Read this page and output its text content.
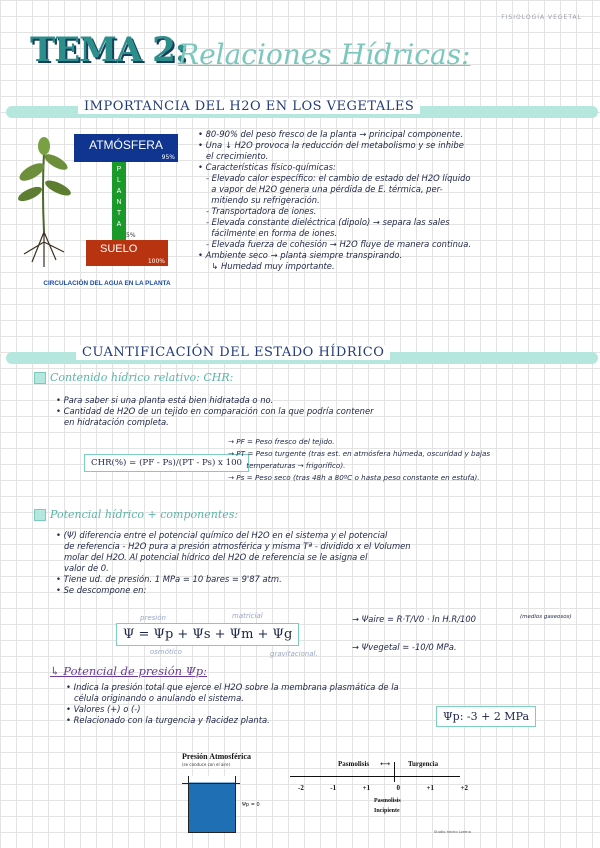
FISIOLOGÍA VEGETAL
TEMA 2:
Relaciones Hídricas:
IMPORTANCIA DEL H2O EN LOS VEGETALES
ATMÓSFERA
95%
P
L
A
N
T
A
5%
SUELO
100%
CIRCULACIÓN DEL AGUA EN LA PLANTA
• 80-90% del peso fresco de la planta → principal componente.
• Una ↓ H2O provoca la reducción del metabolismo y se inhibe
el crecimiento.
• Características físico-químicas:
- Elevado calor específico: el cambio de estado del H2O líquido
a vapor de H2O genera una pérdida de E. térmica, per-
mitiendo su refrigeración.
- Transportadora de iones.
- Elevada constante dieléctrica (dipolo) → separa las sales
fácilmente en forma de iones.
- Elevada fuerza de cohesión → H2O fluye de manera continua.
• Ambiente seco → planta siempre transpirando.
↳ Humedad muy importante.
CUANTIFICACIÓN DEL ESTADO HÍDRICO
Contenido hídrico relativo: CHR:
• Para saber si una planta está bien hidratada o no.
• Cantidad de H2O de un tejido en comparación con la que podría contener
en hidratación completa.
CHR(%) = (PF - Ps)/(PT - Ps) x 100
→ PF = Peso fresco del tejido.
→ PT = Peso turgente (tras est. en atmósfera húmeda, oscuridad y bajas
temperaturas → frigorífico).
→ Ps = Peso seco (tras 48h a 80ºC o hasta peso constante en estufa).
Potencial hídrico + componentes:
• (Ψ) diferencia entre el potencial químico del H2O en el sistema y el potencial
de referencia - H2O pura a presión atmosférica y misma Tª - dividido x el Volumen
molar del H2O. Al potencial hídrico del H2O de referencia se le asigna el
valor de 0.
• Tiene ud. de presión. 1 MPa = 10 bares = 9'87 atm.
• Se descompone en:
presión	matricial
Ψ = Ψp + Ψs + Ψm + Ψg
osmótico	gravitacional.
→ Ψaire = R·T/V0 · ln H.R/100	(medios gaseosos)
→ Ψvegetal = -10/0 MPa.
↳ Potencial de presión Ψp:
• Indica la presión total que ejerce el H2O sobre la membrana plasmática de la
célula originando o anulando el sistema.
• Valores (+) o (-)
• Relacionado con la turgencia y flacidez planta.	Ψp: -3 + 2 MPa
Presión Atmosférica
(se conduce con el aire)
Ψp = 0
Pasmolisis ⟷	Turgencia
-2	-1	+1	0	+1	+2
Pasmolisis
Incipiente
Studio hecho Lorena
